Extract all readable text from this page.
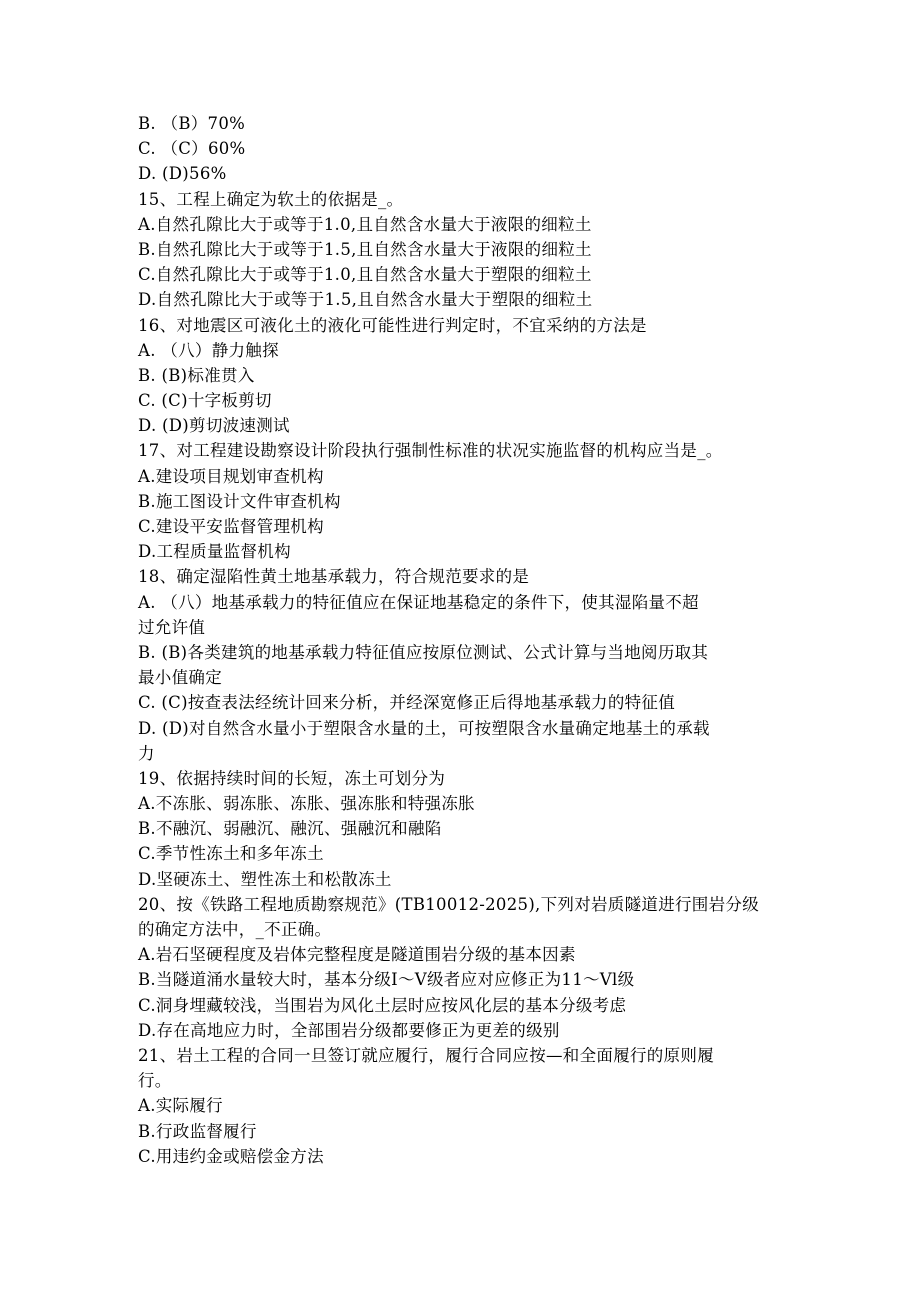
B. （B）70%
C. （C）60%
D. (D)56%
15、工程上确定为软土的依据是_。
A.自然孔隙比大于或等于1.0,且自然含水量大于液限的细粒土
B.自然孔隙比大于或等于1.5,且自然含水量大于液限的细粒土
C.自然孔隙比大于或等于1.0,且自然含水量大于塑限的细粒土
D.自然孔隙比大于或等于1.5,且自然含水量大于塑限的细粒土
16、对地震区可液化土的液化可能性进行判定时，不宜采纳的方法是
A. （八）静力触探
B. (B)标准贯入
C. (C)十字板剪切
D. (D)剪切波速测试
17、对工程建设勘察设计阶段执行强制性标准的状况实施监督的机构应当是_。
A.建设项目规划审查机构
B.施工图设计文件审查机构
C.建设平安监督管理机构
D.工程质量监督机构
18、确定湿陷性黄土地基承载力，符合规范要求的是
A. （八）地基承载力的特征值应在保证地基稳定的条件下，使其湿陷量不超
过允许值
B. (B)各类建筑的地基承载力特征值应按原位测试、公式计算与当地阅历取其
最小值确定
C. (C)按查表法经统计回来分析，并经深宽修正后得地基承载力的特征值
D. (D)对自然含水量小于塑限含水量的土，可按塑限含水量确定地基土的承载
力
19、依据持续时间的长短，冻土可划分为
A.不冻胀、弱冻胀、冻胀、强冻胀和特强冻胀
B.不融沉、弱融沉、融沉、强融沉和融陷
C.季节性冻土和多年冻土
D.坚硬冻土、塑性冻土和松散冻土
20、按《铁路工程地质勘察规范》(TB10012-2025),下列对岩质隧道进行围岩分级
的确定方法中，_不正确。
A.岩石坚硬程度及岩体完整程度是隧道围岩分级的基本因素
B.当隧道涌水量较大时，基本分级I～V级者应对应修正为11～Vl级
C.洞身埋藏较浅，当围岩为风化土层时应按风化层的基本分级考虑
D.存在高地应力时，全部围岩分级都要修正为更差的级别
21、岩土工程的合同一旦签订就应履行，履行合同应按—和全面履行的原则履
行。
A.实际履行
B.行政监督履行
C.用违约金或赔偿金方法
